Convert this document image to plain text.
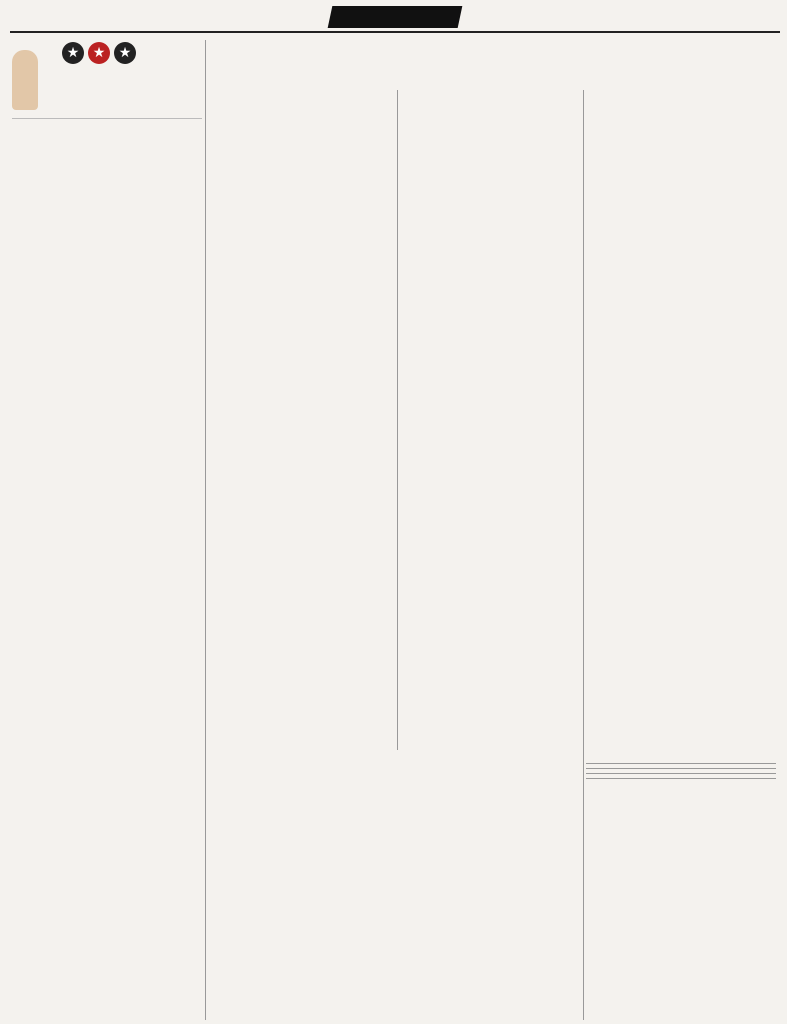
★ ★ ★
